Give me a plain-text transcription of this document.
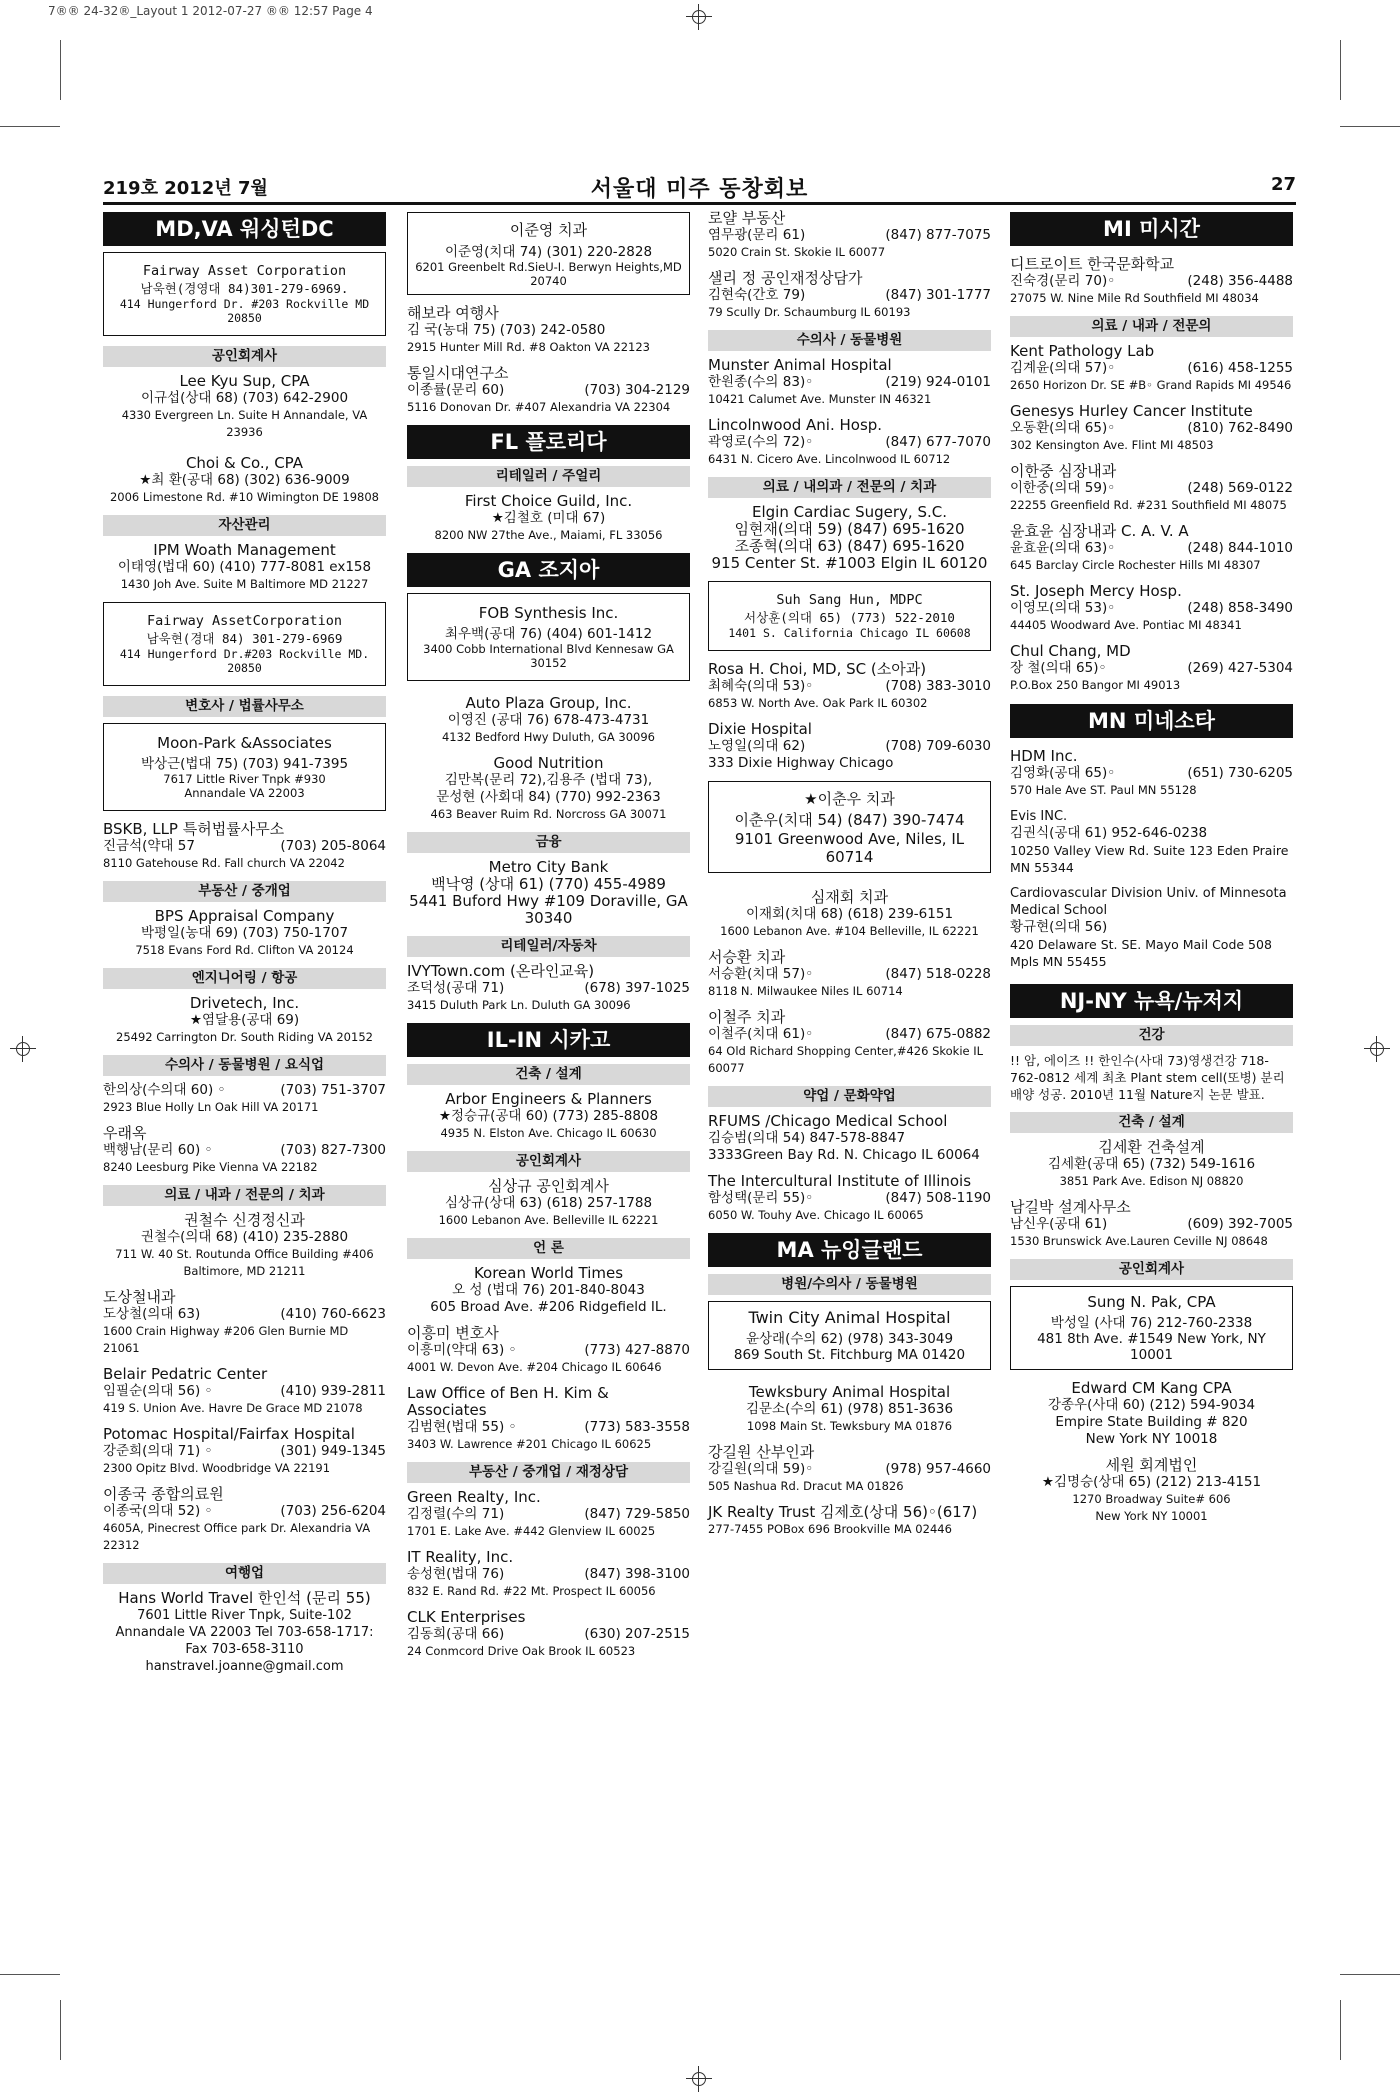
7®® 24-32®_Layout 1 2012-07-27 ®® 12:57 Page 4
219호 2012년 7월	서울대 미주 동창회보	27
MD,VA 워싱턴DC
Fairway Asset Corporation
남욱현(경영대 84)301-279-6969.
414 Hungerford Dr. #203 Rockville MD 20850
공인회계사
Lee Kyu Sup, CPA
이규섭(상대 68) (703) 642-2900
4330 Evergreen Ln. Suite H Annandale, VA 23936
Choi & Co., CPA
★최 환(공대 68) (302) 636-9009
2006 Limestone Rd. #10 Wimington DE 19808
자산관리
IPM Woath Management
이태영(법대 60) (410) 777-8081 ex158
1430 Joh Ave. Suite M Baltimore MD 21227
Fairway AssetCorporation
남욱현(경대 84) 301-279-6969
414 Hungerford Dr.#203 Rockville MD. 20850
변호사 / 법률사무소
Moon-Park &Associates
박상근(법대 75) (703) 941-7395
7617 Little River Tnpk #930
Annandale VA 22003
BSKB, LLP 특허법률사무소
진금석(약대 57	(703) 205-8064
8110 Gatehouse Rd. Fall church VA 22042
부동산 / 중개업
BPS Appraisal Company
박평일(농대 69) (703) 750-1707
7518 Evans Ford Rd. Clifton VA 20124
엔지니어링 / 항공
Drivetech, Inc.
★염달용(공대 69)
25492 Carrington Dr. South Riding VA 20152
수의사 / 동물병원 / 요식업
한의상(수의대 60) ◦	(703) 751-3707
2923 Blue Holly Ln Oak Hill VA 20171
우래옥
백행남(문리 60) ◦	(703) 827-7300
8240 Leesburg Pike Vienna VA 22182
의료 / 내과 / 전문의 / 치과
권철수 신경정신과
권철수(의대 68) (410) 235-2880
711 W. 40 St. Routunda Office Building #406
Baltimore, MD 21211
도상철내과
도상철(의대 63)	(410) 760-6623
1600 Crain Highway #206 Glen Burnie MD 21061
Belair Pedatric Center
임필순(의대 56) ◦	(410) 939-2811
419 S. Union Ave. Havre De Grace MD 21078
Potomac Hospital/Fairfax Hospital
강준희(의대 71) ◦	(301) 949-1345
2300 Opitz Blvd. Woodbridge VA 22191
이종국 종합의료원
이종국(의대 52) ◦	(703) 256-6204
4605A, Pinecrest Office park Dr. Alexandria VA 22312
여행업
Hans World Travel 한인석 (문리 55)
7601 Little River Tnpk, Suite-102 Annandale VA 22003 Tel 703-658-1717: Fax 703-658-3110 hanstravel.joanne@gmail.com
이준영 치과
이준영(치대 74) (301) 220-2828
6201 Greenbelt Rd.SieU-I. Berwyn Heights,MD 20740
해보라 여행사
김 국(농대 75) (703) 242-0580
2915 Hunter Mill Rd. #8 Oakton VA 22123
통일시대연구소
이종률(문리 60)	(703) 304-2129
5116 Donovan Dr. #407 Alexandria VA 22304
FL 플로리다
리테일러 / 주얼리
First Choice Guild, Inc.
★김철호 (미대 67)
8200 NW 27the Ave., Maiami, FL 33056
GA 조지아
FOB Synthesis Inc.
최우백(공대 76) (404) 601-1412
3400 Cobb International Blvd Kennesaw GA 30152
Auto Plaza Group, Inc.
이영진 (공대 76) 678-473-4731
4132 Bedford Hwy Duluth, GA 30096
Good Nutrition
김만복(문리 72),김용주 (법대 73),
문성현 (사회대 84) (770) 992-2363
463 Beaver Ruim Rd. Norcross GA 30071
금융
Metro City Bank
백낙영 (상대 61) (770) 455-4989
5441 Buford Hwy #109 Doraville, GA 30340
리테일러/자동차
IVYTown.com (온라인교육)
조덕성(공대 71)	(678) 397-1025
3415 Duluth Park Ln. Duluth GA 30096
IL-IN 시카고
건축 / 설계
Arbor Engineers & Planners
★정승규(공대 60) (773) 285-8808
4935 N. Elston Ave. Chicago IL 60630
공인회계사
심상규 공인회계사
심상규(상대 63) (618) 257-1788
1600 Lebanon Ave. Belleville IL 62221
언 론
Korean World Times
오 성 (법대 76) 201-840-8043
605 Broad Ave. #206 Ridgefield IL.
이흥미 변호사
이흥미(약대 63) ◦	(773) 427-8870
4001 W. Devon Ave. #204 Chicago IL 60646
Law Office of Ben H. Kim & Associates
김범현(법대 55) ◦	(773) 583-3558
3403 W. Lawrence #201 Chicago IL 60625
부동산 / 중개업 / 재정상담
Green Realty, Inc.
김정렬(수의 71)	(847) 729-5850
1701 E. Lake Ave. #442 Glenview IL 60025
IT Reality, Inc.
송성현(법대 76)	(847) 398-3100
832 E. Rand Rd. #22 Mt. Prospect IL 60056
CLK Enterprises
김동희(공대 66)	(630) 207-2515
24 Conmcord Drive Oak Brook IL 60523
로얄 부동산
염무광(문리 61)	(847) 877-7075
5020 Crain St. Skokie IL 60077
샐리 정 공인재정상담가
김현숙(간호 79)	(847) 301-1777
79 Scully Dr. Schaumburg IL 60193
수의사 / 동물병원
Munster Animal Hospital
한원종(수의 83)◦	(219) 924-0101
10421 Calumet Ave. Munster IN 46321
Lincolnwood Ani. Hosp.
곽영로(수의 72)◦	(847) 677-7070
6431 N. Cicero Ave. Lincolnwood IL 60712
의료 / 내의과 / 전문의 / 치과
Elgin Cardiac Sugery, S.C.
임현재(의대 59) (847) 695-1620
조종혁(의대 63) (847) 695-1620
915 Center St. #1003 Elgin IL 60120
Suh Sang Hun, MDPC
서상훈(의대 65) (773) 522-2010
1401 S. California Chicago IL 60608
Rosa H. Choi, MD, SC (소아과)
최혜숙(의대 53)◦	(708) 383-3010
6853 W. North Ave. Oak Park IL 60302
Dixie Hospital
노영일(의대 62)	(708) 709-6030
333 Dixie Highway Chicago
★이춘우 치과
이춘우(치대 54) (847) 390-7474
9101 Greenwood Ave, Niles, IL 60714
심재회 치과
이재회(치대 68) (618) 239-6151
1600 Lebanon Ave. #104 Belleville, IL 62221
서승환 치과
서승환(치대 57)◦	(847) 518-0228
8118 N. Milwaukee Niles IL 60714
이철주 치과
이철주(치대 61)◦	(847) 675-0882
64 Old Richard Shopping Center,#426 Skokie IL 60077
약업 / 문화약업
RFUMS /Chicago Medical School
김승범(의대 54) 847-578-8847
3333Green Bay Rd. N. Chicago IL 60064
The Intercultural Institute of Illinois
함성택(문리 55)◦	(847) 508-1190
6050 W. Touhy Ave. Chicago IL 60065
MA 뉴잉글랜드
병원/수의사 / 동물병원
Twin City Animal Hospital
윤상래(수의 62) (978) 343-3049
869 South St. Fitchburg MA 01420
Tewksbury Animal Hospital
김문소(수의 61) (978) 851-3636
1098 Main St. Tewksbury MA 01876
강길원 산부인과
강길원(의대 59)◦	(978) 957-4660
505 Nashua Rd. Dracut MA 01826
JK Realty Trust 김제호(상대 56)◦(617)
277-7455 POBox 696 Brookville MA 02446
MI 미시간
디트로이트 한국문화학교
진숙경(문리 70)◦	(248) 356-4488
27075 W. Nine Mile Rd Southfield MI 48034
의료 / 내과 / 전문의
Kent Pathology Lab
김계윤(의대 57)◦	(616) 458-1255
2650 Horizon Dr. SE #B◦ Grand Rapids MI 49546
Genesys Hurley Cancer Institute
오동환(의대 65)◦	(810) 762-8490
302 Kensington Ave. Flint MI 48503
이한중 심장내과
이한중(의대 59)◦	(248) 569-0122
22255 Greenfield Rd. #231 Southfield MI 48075
윤효윤 심장내과 C. A. V. A
윤효윤(의대 63)◦	(248) 844-1010
645 Barclay Circle Rochester Hills MI 48307
St. Joseph Mercy Hosp.
이영모(의대 53)◦	(248) 858-3490
44405 Woodward Ave. Pontiac MI 48341
Chul Chang, MD
장 철(의대 65)◦	(269) 427-5304
P.O.Box 250 Bangor MI 49013
MN 미네소타
HDM Inc.
김영화(공대 65)◦	(651) 730-6205
570 Hale Ave ST. Paul MN 55128
Evis INC.
김권식(공대 61) 952-646-0238
10250 Valley View Rd. Suite 123 Eden Praire
MN 55344
Cardiovascular Division Univ. of Minnesota
Medical School
황규현(의대 56)
420 Delaware St. SE. Mayo Mail Code 508
Mpls MN 55455
NJ-NY 뉴욕/뉴저지
건강
!! 암, 에이즈 !! 한인수(사대 73)영생건강 718-762-0812 세계 최초 Plant stem cell(또병) 분리 배양 성공. 2010년 11월 Nature지 논문 발표.
건축 / 설계
김세환 건축설계
김세환(공대 65) (732) 549-1616
3851 Park Ave. Edison NJ 08820
남길박 설계사무소
남신우(공대 61)	(609) 392-7005
1530 Brunswick Ave.Lauren Ceville NJ 08648
공인회계사
Sung N. Pak, CPA
박성일 (사대 76) 212-760-2338
481 8th Ave. #1549 New York, NY 10001
Edward CM Kang CPA
강종우(사대 60) (212) 594-9034
Empire State Building # 820
New York NY 10018
세원 회계법인
★김명승(상대 65) (212) 213-4151
1270 Broadway Suite# 606
New York NY 10001
